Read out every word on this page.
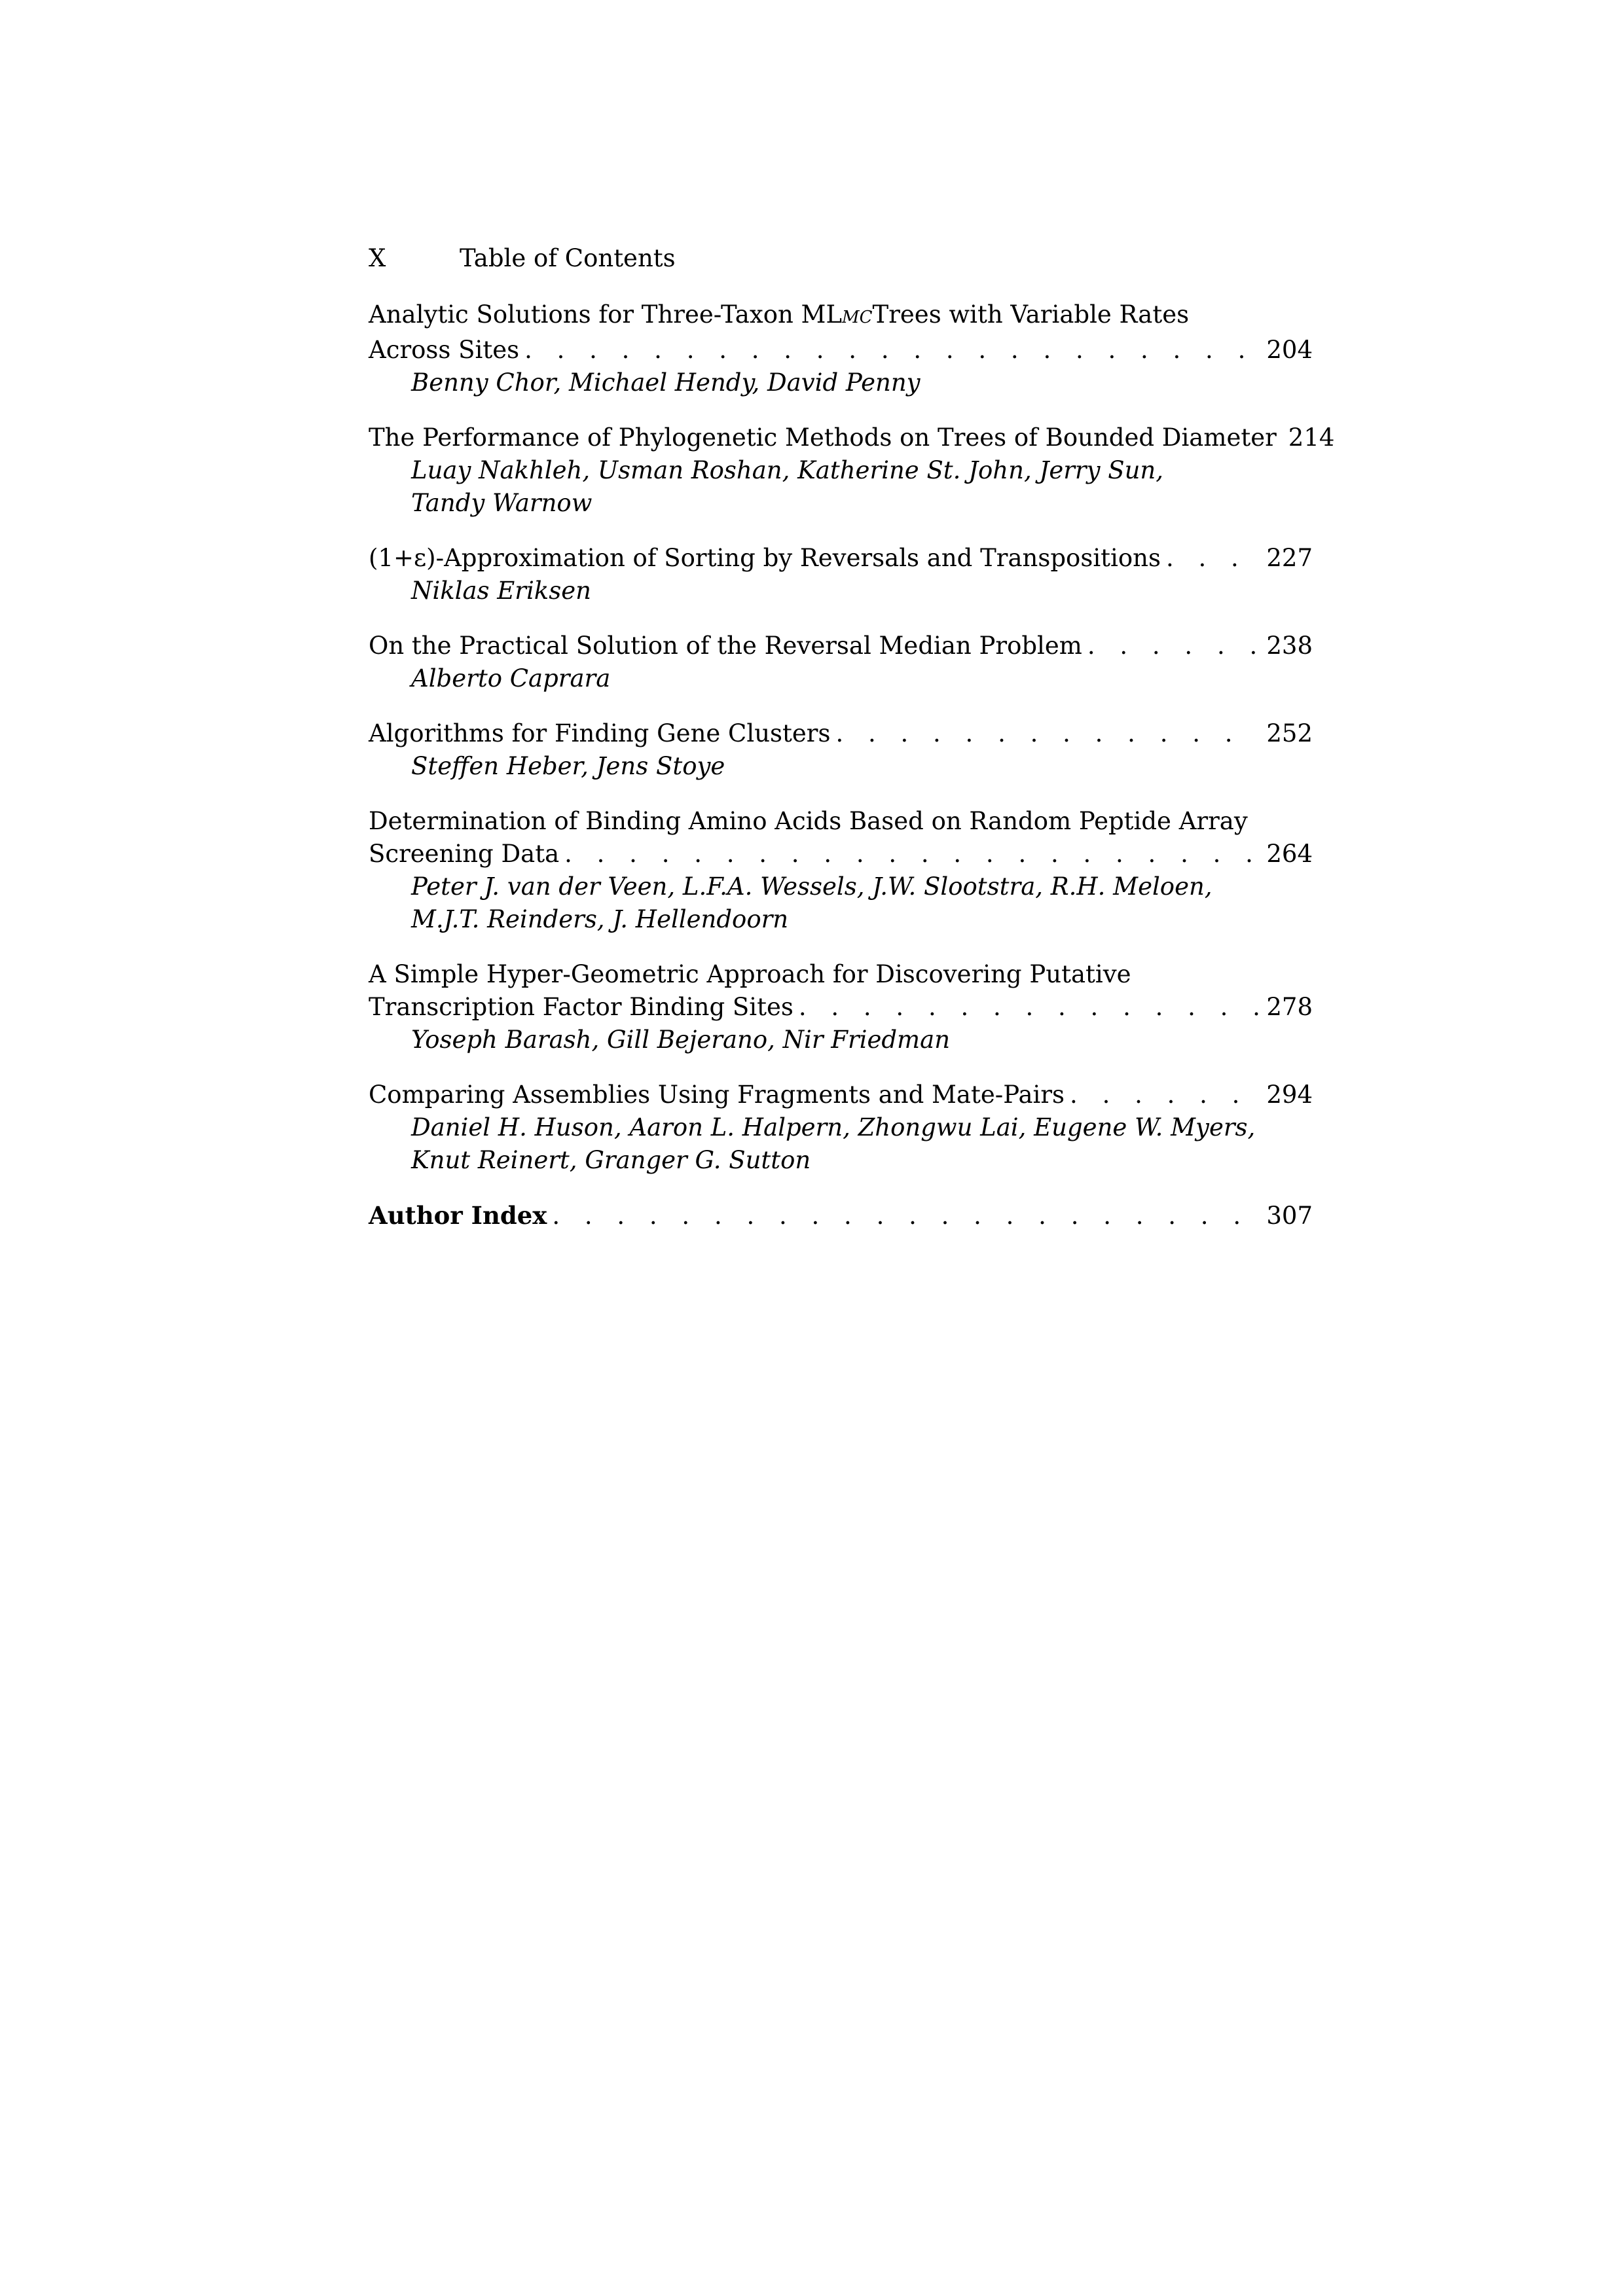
X	Table of Contents
Analytic Solutions for Three-Taxon ML MC Trees with Variable Rates
Across Sites . . .	204
Benny Chor, Michael Hendy, David Penny
The Performance of Phylogenetic Methods on Trees of Bounded Diameter 214
Luay Nakhleh, Usman Roshan, Katherine St. John, Jerry Sun,
Tandy Warnow
(1+ε)-Approximation of Sorting by Reversals and Transpositions . . .	227
Niklas Eriksen
On the Practical Solution of the Reversal Median Problem . . .	238
Alberto Caprara
Algorithms for Finding Gene Clusters . . .	252
Steffen Heber, Jens Stoye
Determination of Binding Amino Acids Based on Random Peptide Array
Screening Data . . .	264
Peter J. van der Veen, L.F.A. Wessels, J.W. Slootstra, R.H. Meloen,
M.J.T. Reinders, J. Hellendoorn
A Simple Hyper-Geometric Approach for Discovering Putative
Transcription Factor Binding Sites . . .	278
Yoseph Barash, Gill Bejerano, Nir Friedman
Comparing Assemblies Using Fragments and Mate-Pairs . . .	294
Daniel H. Huson, Aaron L. Halpern, Zhongwu Lai, Eugene W. Myers,
Knut Reinert, Granger G. Sutton
Author Index . . .	307
